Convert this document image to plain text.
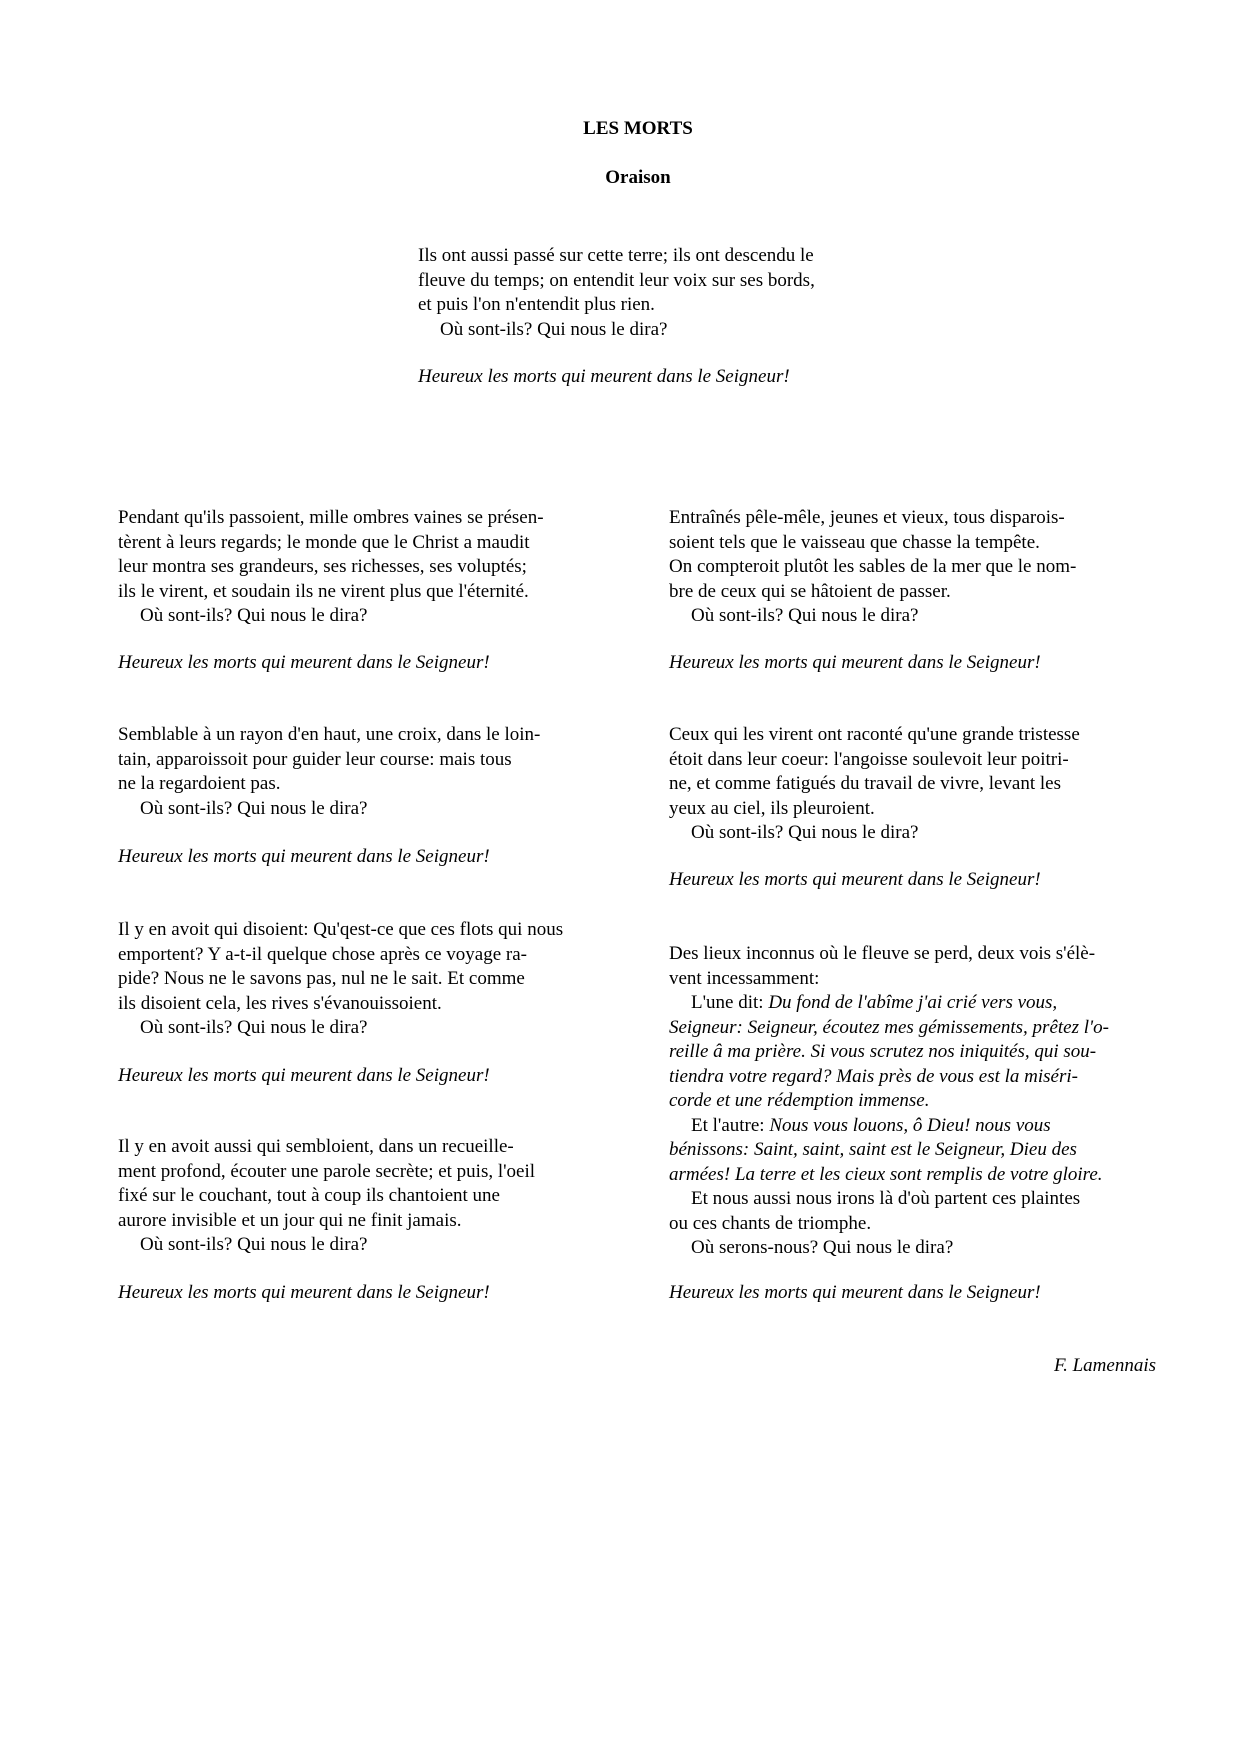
LES MORTS
Oraison
Ils ont aussi passé sur cette terre; ils ont descendu le
fleuve du temps; on entendit leur voix sur ses bords,
et puis l'on n'entendit plus rien.
Où sont-ils? Qui nous le dira?
Heureux les morts qui meurent dans le Seigneur!
Pendant qu'ils passoient, mille ombres vaines se présen-
tèrent à leurs regards; le monde que le Christ a maudit
leur montra ses grandeurs, ses richesses, ses voluptés;
ils le virent, et soudain ils ne virent plus que l'éternité.
Où sont-ils? Qui nous le dira?
Heureux les morts qui meurent dans le Seigneur!
Semblable à un rayon d'en haut, une croix, dans le loin-
tain, apparoissoit pour guider leur course: mais tous
ne la regardoient pas.
Où sont-ils? Qui nous le dira?
Heureux les morts qui meurent dans le Seigneur!
Il y en avoit qui disoient: Qu'qest-ce que ces flots qui nous
emportent? Y a-t-il quelque chose après ce voyage ra-
pide? Nous ne le savons pas, nul ne le sait. Et comme
ils disoient cela, les rives s'évanouissoient.
Où sont-ils? Qui nous le dira?
Heureux les morts qui meurent dans le Seigneur!
Il y en avoit aussi qui sembloient, dans un recueille-
ment profond, écouter une parole secrète; et puis, l'oeil
fixé sur le couchant, tout à coup ils chantoient une
aurore invisible et un jour qui ne finit jamais.
Où sont-ils? Qui nous le dira?
Heureux les morts qui meurent dans le Seigneur!
Entraînés pêle-mêle, jeunes et vieux, tous disparois-
soient tels que le vaisseau que chasse la tempête.
On compteroit plutôt les sables de la mer que le nom-
bre de ceux qui se hâtoient de passer.
Où sont-ils? Qui nous le dira?
Heureux les morts qui meurent dans le Seigneur!
Ceux qui les virent ont raconté qu'une grande tristesse
étoit dans leur coeur: l'angoisse soulevoit leur poitri-
ne, et comme fatigués du travail de vivre, levant les
yeux au ciel, ils pleuroient.
Où sont-ils? Qui nous le dira?
Heureux les morts qui meurent dans le Seigneur!
Des lieux inconnus où le fleuve se perd, deux vois s'élè-
vent incessamment:
L'une dit: Du fond de l'abîme j'ai crié vers vous,
Seigneur: Seigneur, écoutez mes gémissements, prêtez l'o-
reille â ma prière. Si vous scrutez nos iniquités, qui sou-
tiendra votre regard? Mais près de vous est la miséri-
corde et une rédemption immense.
Et l'autre: Nous vous louons, ô Dieu! nous vous
bénissons: Saint, saint, saint est le Seigneur, Dieu des
armées! La terre et les cieux sont remplis de votre gloire.
Et nous aussi nous irons là d'où partent ces plaintes
ou ces chants de triomphe.
Où serons-nous? Qui nous le dira?
Heureux les morts qui meurent dans le Seigneur!
F. Lamennais
